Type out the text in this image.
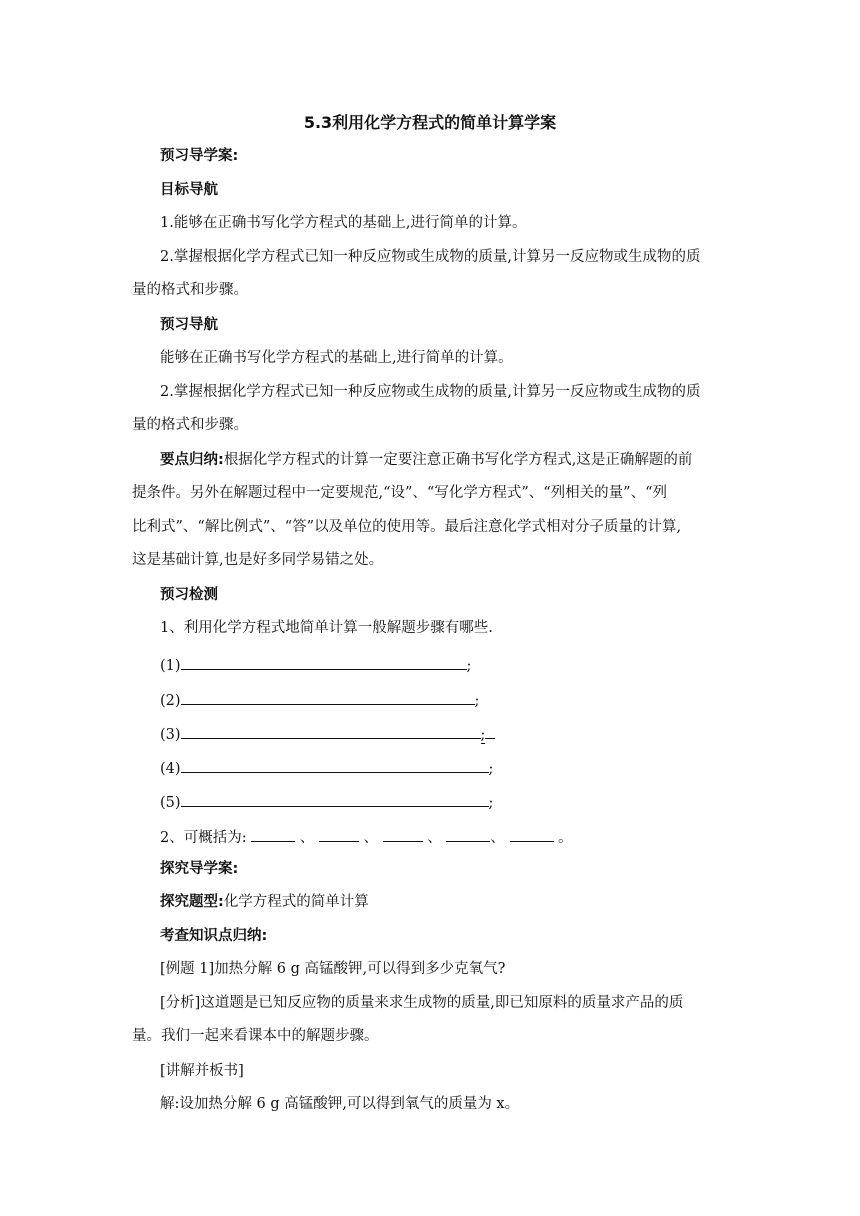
5.3利用化学方程式的简单计算学案
预习导学案:
目标导航
1.能够在正确书写化学方程式的基础上,进行简单的计算。
2.掌握根据化学方程式已知一种反应物或生成物的质量,计算另一反应物或生成物的质
量的格式和步骤。
预习导航
能够在正确书写化学方程式的基础上,进行简单的计算。
2.掌握根据化学方程式已知一种反应物或生成物的质量,计算另一反应物或生成物的质
量的格式和步骤。
要点归纳:根据化学方程式的计算一定要注意正确书写化学方程式,这是正确解题的前
提条件。另外在解题过程中一定要规范,“设”、“写化学方程式”、“列相关的量”、“列
比利式”、“解比例式”、“答”以及单位的使用等。最后注意化学式相对分子质量的计算,
这是基础计算,也是好多同学易错之处。
预习检测
1、利用化学方程式地简单计算一般解题步骤有哪些.
(1)	;
(2)	;
(3)	;
(4)	;
(5)	;
2、可概括为:	、	、	、	、	。
探究导学案:
探究题型:化学方程式的简单计算
考查知识点归纳:
[例题 1]加热分解 6 g 高锰酸钾,可以得到多少克氧气?
[分析]这道题是已知反应物的质量来求生成物的质量,即已知原料的质量求产品的质
量。我们一起来看课本中的解题步骤。
[讲解并板书]
解:设加热分解 6 g 高锰酸钾,可以得到氧气的质量为 x。
